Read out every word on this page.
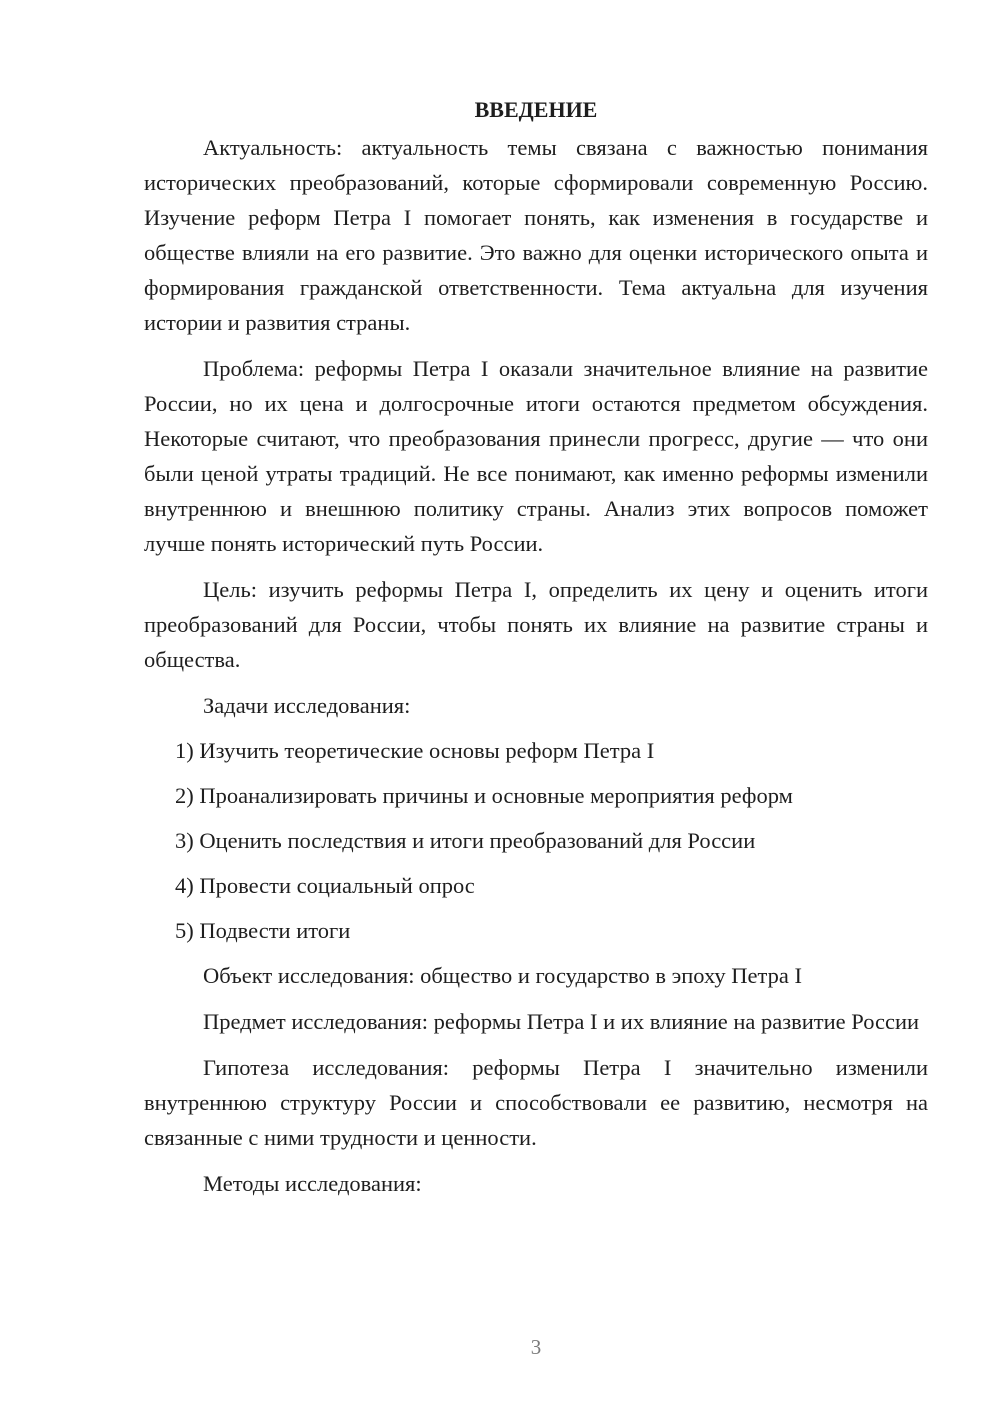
ВВЕДЕНИЕ

Актуальность: актуальность темы связана с важностью понимания исторических преобразований, которые сформировали современную Россию. Изучение реформ Петра I помогает понять, как изменения в государстве и обществе влияли на его развитие. Это важно для оценки исторического опыта и формирования гражданской ответственности. Тема актуальна для изучения истории и развития страны.

Проблема: реформы Петра I оказали значительное влияние на развитие России, но их цена и долгосрочные итоги остаются предметом обсуждения. Некоторые считают, что преобразования принесли прогресс, другие — что они были ценой утраты традиций. Не все понимают, как именно реформы изменили внутреннюю и внешнюю политику страны. Анализ этих вопросов поможет лучше понять исторический путь России.

Цель: изучить реформы Петра I, определить их цену и оценить итоги преобразований для России, чтобы понять их влияние на развитие страны и общества.

Задачи исследования:

1) Изучить теоретические основы реформ Петра I
2) Проанализировать причины и основные мероприятия реформ
3) Оценить последствия и итоги преобразований для России
4) Провести социальный опрос
5) Подвести итоги

Объект исследования: общество и государство в эпоху Петра I

Предмет исследования: реформы Петра I и их влияние на развитие России

Гипотеза исследования: реформы Петра I значительно изменили внутреннюю структуру России и способствовали ее развитию, несмотря на связанные с ними трудности и ценности.

Методы исследования:

3
